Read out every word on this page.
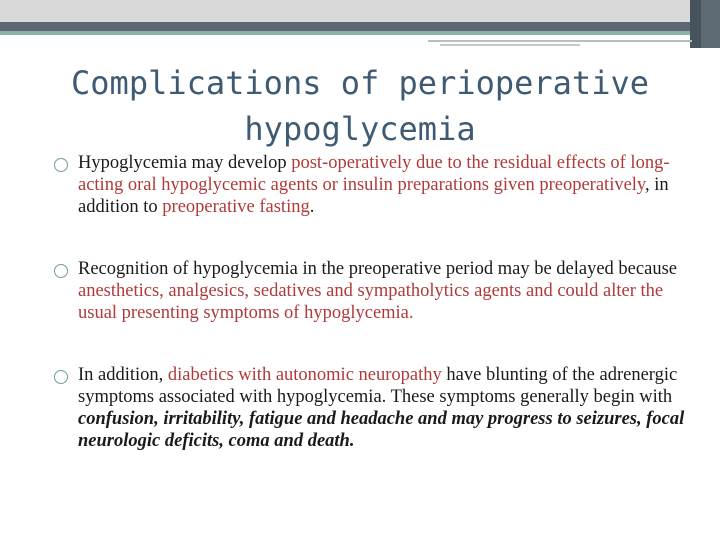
Complications of perioperative
hypoglycemia
Hypoglycemia may develop post-operatively due to the residual effects of long-acting oral hypoglycemic agents or insulin preparations given preoperatively, in addition to preoperative fasting.
Recognition of hypoglycemia in the preoperative period may be delayed because anesthetics, analgesics, sedatives and sympatholytics agents and could alter the usual presenting symptoms of hypoglycemia.
In addition, diabetics with autonomic neuropathy have blunting of the adrenergic symptoms associated with hypoglycemia. These symptoms generally begin with confusion, irritability, fatigue and headache and may progress to seizures, focal neurologic deficits, coma and death.
